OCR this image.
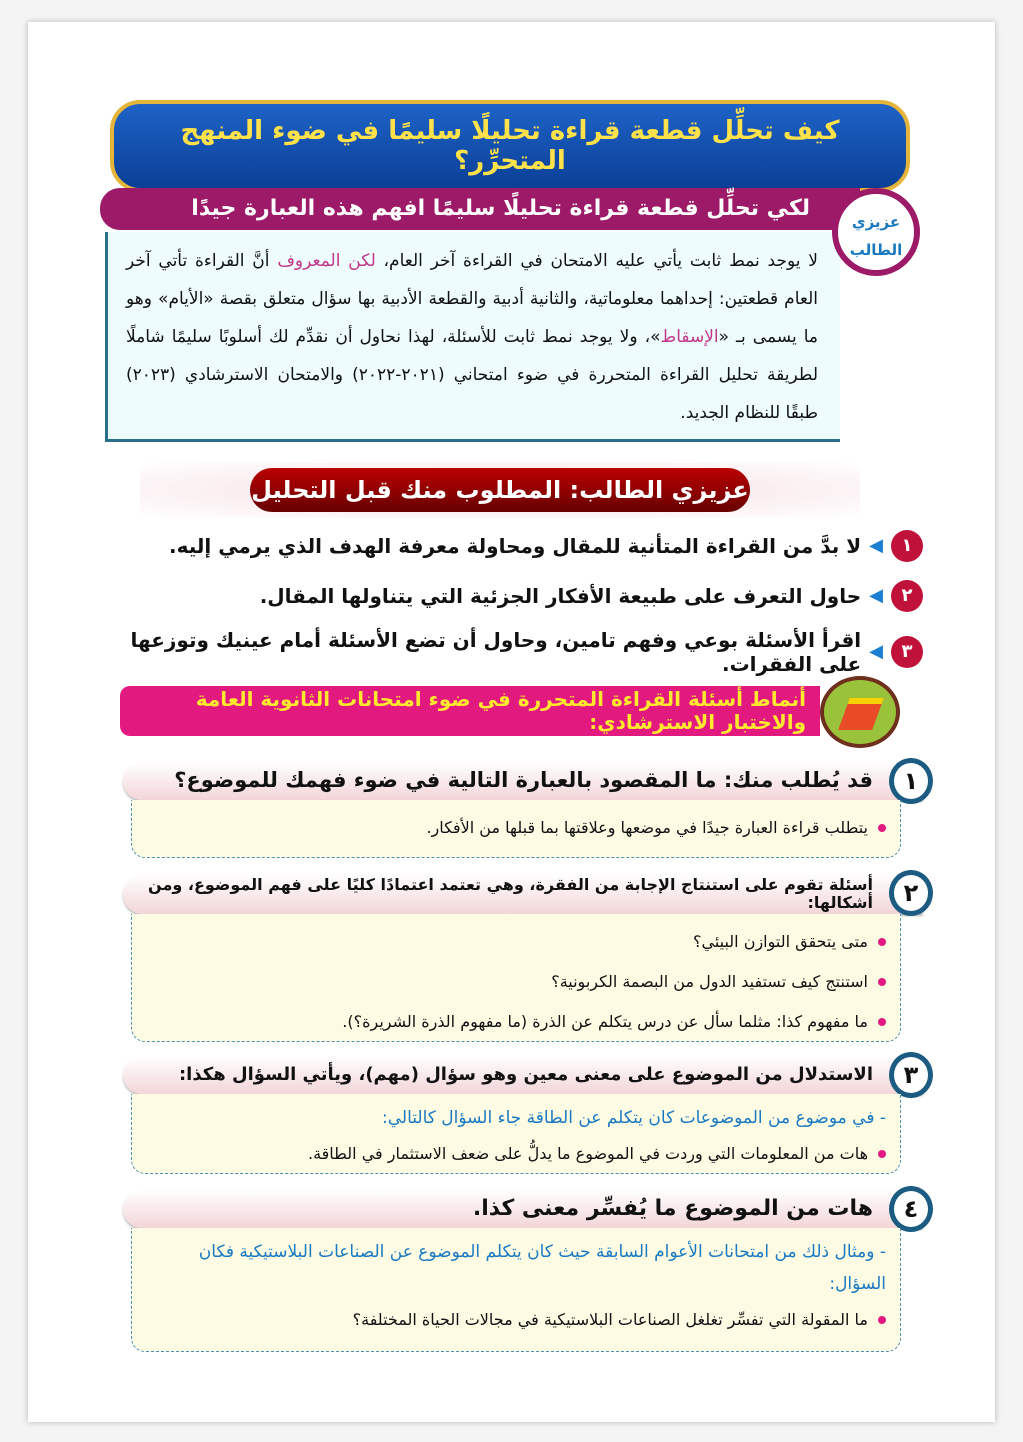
كيف تحلِّل قطعة قراءة تحليلًا سليمًا في ضوء المنهج المتحرِّر؟
لكي تحلِّل قطعة قراءة تحليلًا سليمًا افهم هذه العبارة جيدًا
لا يوجد نمط ثابت يأتي عليه الامتحان في القراءة آخر العام، لكن المعروف أنَّ القراءة تأتي آخر العام قطعتين: إحداهما معلوماتية، والثانية أدبية والقطعة الأدبية بها سؤال متعلق بقصة «الأيام» وهو ما يسمى بـ «الإسقاط»، ولا يوجد نمط ثابت للأسئلة، لهذا نحاول أن نقدِّم لك أسلوبًا سليمًا شاملًا لطريقة تحليل القراءة المتحررة في ضوء امتحاني (٢٠٢١-٢٠٢٢) والامتحان الاسترشادي (٢٠٢٣) طبقًا للنظام الجديد.
عزيزي
الطالب
عزيزي الطالب: المطلوب منك قبل التحليل
١
◀
لا بدَّ من القراءة المتأنية للمقال ومحاولة معرفة الهدف الذي يرمي إليه.
٢
◀
حاول التعرف على طبيعة الأفكار الجزئية التي يتناولها المقال.
٣
◀
اقرأ الأسئلة بوعي وفهم تامين، وحاول أن تضع الأسئلة أمام عينيك وتوزعها على الفقرات.
أنماط أسئلة القراءة المتحررة في ضوء امتحانات الثانوية العامة والاختبار الاسترشادي:
قد يُطلب منك: ما المقصود بالعبارة التالية في ضوء فهمك للموضوع؟	١
يتطلب قراءة العبارة جيدًا في موضعها وعلاقتها بما قبلها من الأفكار.
أسئلة تقوم على استنتاج الإجابة من الفقرة، وهي تعتمد اعتمادًا كليًا على فهم الموضوع، ومن أشكالها:	٢
متى يتحقق التوازن البيئي؟
استنتج كيف تستفيد الدول من البصمة الكربونية؟
ما مفهوم كذا: مثلما سأل عن درس يتكلم عن الذرة (ما مفهوم الذرة الشريرة؟).
الاستدلال من الموضوع على معنى معين وهو سؤال (مهم)، ويأتي السؤال هكذا:	٣
- في موضوع من الموضوعات كان يتكلم عن الطاقة جاء السؤال كالتالي:
هات من المعلومات التي وردت في الموضوع ما يدلُّ على ضعف الاستثمار في الطاقة.
هات من الموضوع ما يُفسِّر معنى كذا.	٤
- ومثال ذلك من امتحانات الأعوام السابقة حيث كان يتكلم الموضوع عن الصناعات البلاستيكية فكان السؤال:
ما المقولة التي تفسِّر تغلغل الصناعات البلاستيكية في مجالات الحياة المختلفة؟
